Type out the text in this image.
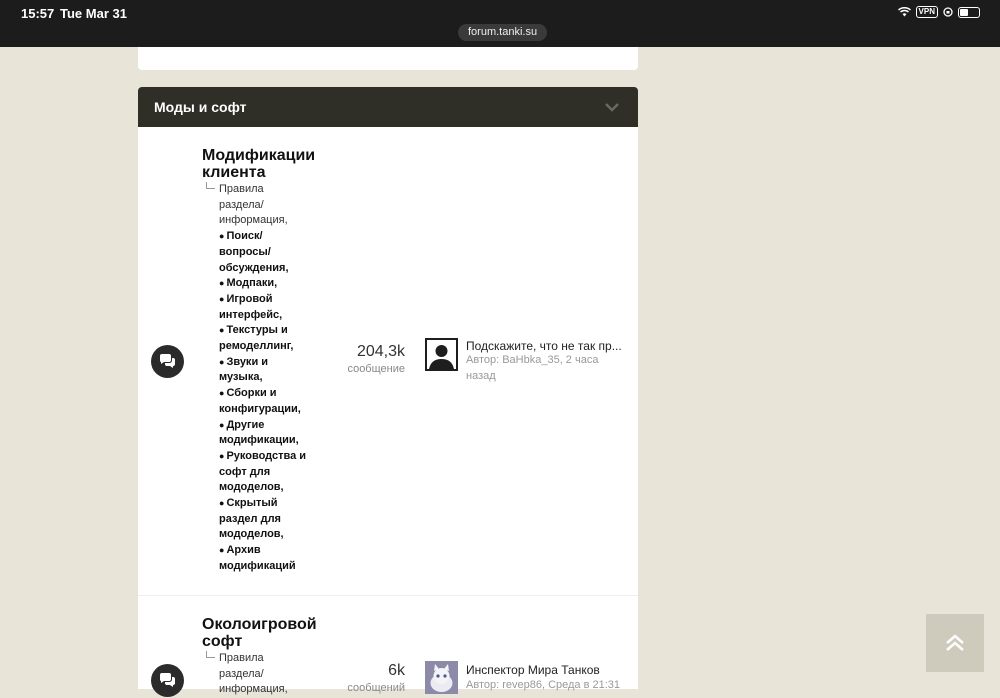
15:57 Tue Mar 31
forum.tanki.su
VPN
Моды и софт
Модификации
клиента
Правила
раздела/
информация,
● Поиск/
вопросы/
обсуждения,
● Модпаки,
● Игровой
интерфейс,
● Текстуры и
ремоделлинг,
● Звуки и
музыка,
● Сборки и
конфигурации,
● Другие
модификации,
● Руководства и
софт для
мододелов,
● Скрытый
раздел для
мододелов,
● Архив
модификаций
204,3k
сообщение
Подскажите, что не так пр...
Автор: BaHbka_35, 2 часа
назад
Околоигровой
софт
Правила
раздела/
информация,
6k
сообщений
Инспектор Мира Танков
Автор: revep86, Среда в 21:31
